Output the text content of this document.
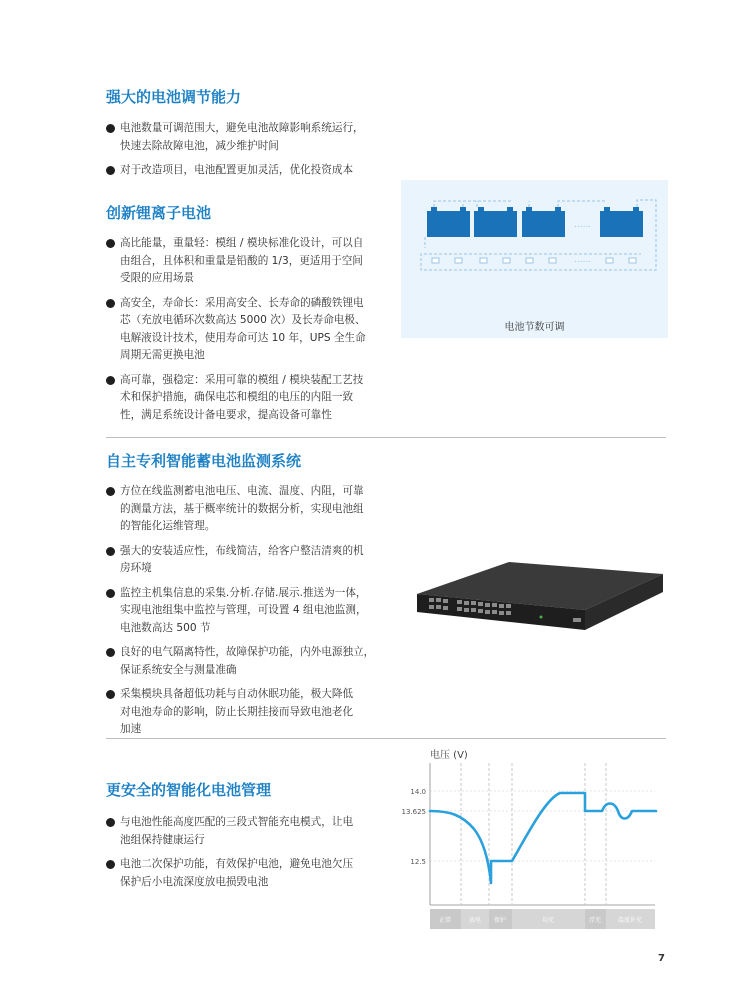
强大的电池调节能力
电池数量可调范围大，避免电池故障影响系统运行，
快速去除故障电池，减少维护时间
对于改造项目，电池配置更加灵活，优化投资成本
创新锂离子电池
高比能量，重量轻：模组 / 模块标准化设计，可以自
由组合，且体积和重量是铅酸的 1/3，更适用于空间
受限的应用场景
高安全，寿命长：采用高安全、长寿命的磷酸铁锂电
芯（充放电循环次数高达 5000 次）及长寿命电极、
电解液设计技术，使用寿命可达 10 年，UPS 全生命
周期无需更换电池
高可靠，强稳定：采用可靠的模组 / 模块装配工艺技
术和保护措施，确保电芯和模组的电压的内阻一致
性，满足系统设计备电要求，提高设备可靠性
......
......
电池节数可调
自主专利智能蓄电池监测系统
方位在线监测蓄电池电压、电流、温度、内阻，可靠
的测量方法，基于概率统计的数据分析，实现电池组
的智能化运维管理。
强大的安装适应性，布线简洁，给客户整洁清爽的机
房环境
监控主机集信息的采集.分析.存储.展示.推送为一体，
实现电池组集中监控与管理，可设置 4 组电池监测，
电池数高达 500 节
良好的电气隔离特性，故障保护功能，内外电源独立，
保证系统安全与测量准确
采集模块具备超低功耗与自动休眠功能，极大降低
对电池寿命的影响，防止长期挂接而导致电池老化
加速
更安全的智能化电池管理
与电池性能高度匹配的三段式智能充电模式，让电
池组保持健康运行
电池二次保护功能，有效保护电池，避免电池欠压
保护后小电流深度放电损毁电池
电压 (V)
14.0
13.625
12.5
正常	放电 保护	均充	浮充	温度补充
7
